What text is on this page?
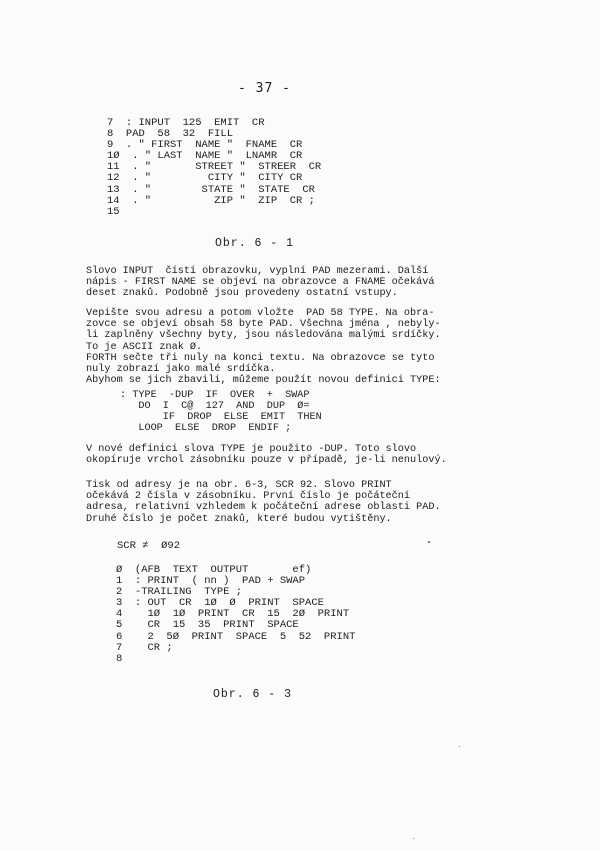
- 37 -
7  : INPUT  125  EMIT  CR
8  PAD  58  32  FILL
9  . " FIRST  NAME "  FNAME  CR
1Ø  . " LAST  NAME "  LNAMR  CR
11  . "       STREET "  STREER  CR
12  . "         CITY "  CITY CR
13  . "        STATE "  STATE  CR
14  . "          ZIP "  ZIP  CR ;
15
Obr. 6 - 1
Slovo INPUT  čístí obrazovku, vyplní PAD mezerami. Další
nápis - FIRST NAME se objeví na obrazovce a FNAME očekává
deset znaků. Podobně jsou provedeny ostatní vstupy.
Vepište svou adresu a potom vložte  PAD 58 TYPE. Na obra-
zovce se objeví obsah 58 byte PAD. Všechna jména , nebyly-
li zaplněny všechny byty, jsou následována malými srdíčky.
To je ASCII znak Ø.
FORTH sečte tři nuly na konci textu. Na obrazovce se tyto
nuly zobrazí jako malé srdíčka.
Abyhom se jich zbavili, můžeme použít novou definici TYPE:
: TYPE  -DUP  IF  OVER  +  SWAP
DO  I  C@  127  AND  DUP  Ø=
IF  DROP  ELSE  EMIT  THEN
LOOP  ELSE  DROP  ENDIF ;
V nové definici slova TYPE je použito -DUP. Toto slovo
okopíruje vrchol zásobníku pouze v případě, je-li nenulový.
Tisk od adresy je na obr. 6-3, SCR 92. Slovo PRINT
očekává 2 čísla v zásobníku. První číslo je počáteční
adresa, relativní vzhledem k počáteční adrese oblasti PAD.
Druhé číslo je počet znaků, které budou vytištěny.
SCR ≠  Ø92
Ø  (AFB  TEXT  OUTPUT       ef)
1  : PRINT  ( nn )  PAD + SWAP
2  -TRAILING  TYPE ;
3  : OUT  CR  1Ø  Ø  PRINT  SPACE
4    1Ø  1Ø  PRINT  CR  15  2Ø  PRINT
5    CR  15  35  PRINT  SPACE
6    2  5Ø  PRINT  SPACE  5  52  PRINT
7    CR ;
8
Obr. 6 - 3
